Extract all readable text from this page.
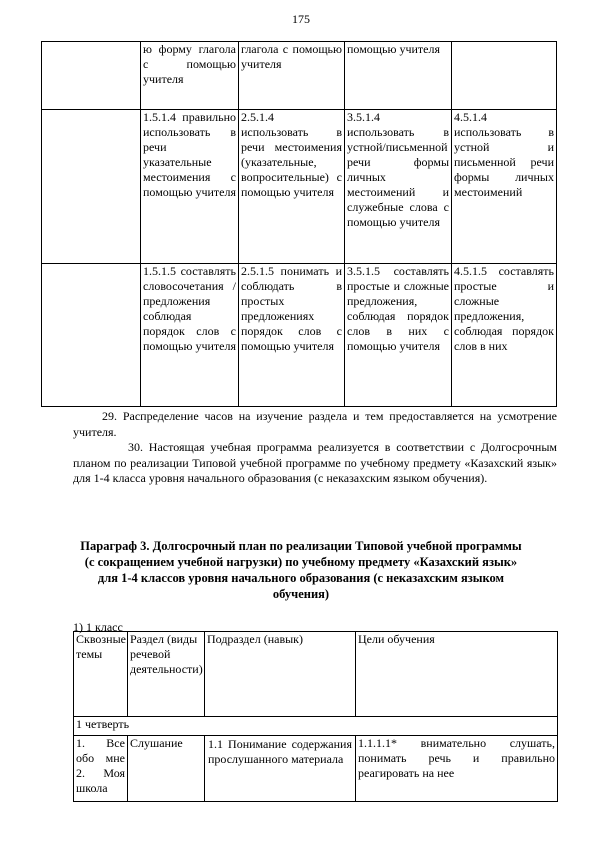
175
	ю форму глагола с помощью учителя	глагола с помощью учителя	помощью учителя	
	1.5.1.4 правильно использовать в речи указательные местоимения с помощью учителя	2.5.1.4 использовать в речи местоимения (указательные, вопросительные) с помощью учителя	3.5.1.4 использовать в устной/письменной речи формы личных местоимений и служебные слова с помощью учителя	4.5.1.4 использовать в устной и письменной речи формы личных местоимений
	1.5.1.5 составлять словосочетания /предложения соблюдая порядок слов с помощью учителя	2.5.1.5 понимать и соблюдать в простых предложениях порядок слов с помощью учителя	3.5.1.5 составлять простые и сложные предложения, соблюдая порядок слов в них с помощью учителя	4.5.1.5 составлять простые и сложные предложения, соблюдая порядок слов в них
29. Распределение часов на изучение раздела и тем предоставляется на усмотрение учителя.
30. Настоящая учебная программа реализуется в соответствии с Долгосрочным планом по реализации Типовой учебной программе по учебному предмету «Казахский язык» для 1-4 класса уровня начального образования (с неказахским языком обучения).
Параграф 3. Долгосрочный план по реализации Типовой учебной программы (с сокращением учебной нагрузки) по учебному предмету «Казахский язык» для 1-4 классов уровня начального образования (с неказахским языком обучения)
1) 1 класс
Сквозные темы	Раздел (виды речевой деятельности)	Подраздел (навык)	Цели обучения
1 четверть			
1. Все обо мне 2. Моя школа	Слушание	1.1 Понимание содержания прослушанного материала	1.1.1.1* внимательно слушать, понимать речь и правильно реагировать на нее
